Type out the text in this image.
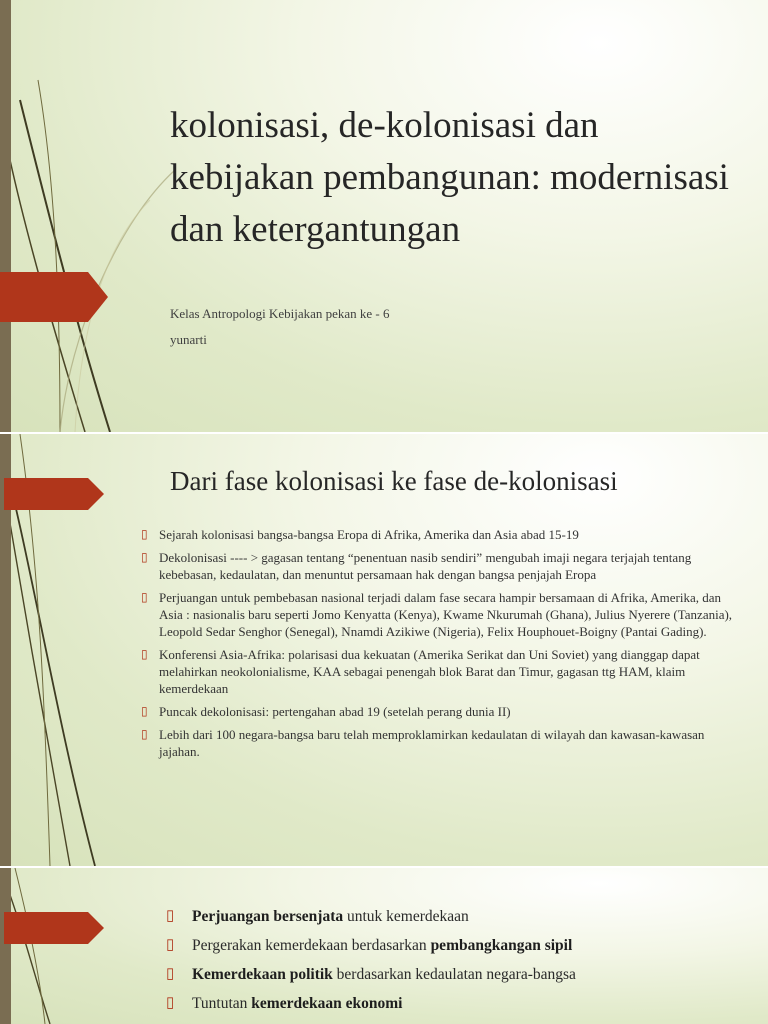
kolonisasi, de-kolonisasi dan kebijakan pembangunan: modernisasi dan ketergantungan

Kelas Antropologi Kebijakan pekan ke - 6

yunarti

Dari fase kolonisasi ke fase de-kolonisasi
▯ Sejarah kolonisasi bangsa-bangsa Eropa di Afrika, Amerika dan Asia abad 15-19
▯ Dekolonisasi ---- > gagasan tentang “penentuan nasib sendiri” mengubah imaji negara terjajah tentang kebebasan, kedaulatan, dan menuntut persamaan hak dengan bangsa penjajah Eropa
▯ Perjuangan untuk pembebasan nasional terjadi dalam fase secara hampir bersamaan di Afrika, Amerika, dan Asia : nasionalis baru seperti Jomo Kenyatta (Kenya), Kwame Nkurumah (Ghana), Julius Nyerere (Tanzania), Leopold Sedar Senghor (Senegal), Nnamdi Azikiwe (Nigeria), Felix Houphouet-Boigny (Pantai Gading).
▯ Konferensi Asia-Afrika: polarisasi dua kekuatan (Amerika Serikat dan Uni Soviet) yang dianggap dapat melahirkan neokolonialisme, KAA sebagai penengah blok Barat dan Timur, gagasan ttg HAM, klaim kemerdekaan
▯ Puncak dekolonisasi: pertengahan abad 19 (setelah perang dunia II)
▯ Lebih dari 100 negara-bangsa baru telah memproklamirkan kedaulatan di wilayah dan kawasan-kawasan jajahan.
▯ Perjuangan bersenjata untuk kemerdekaan
▯ Pergerakan kemerdekaan berdasarkan pembangkangan sipil
▯ Kemerdekaan politik berdasarkan kedaulatan negara-bangsa
▯ Tuntutan kemerdekaan ekonomi
